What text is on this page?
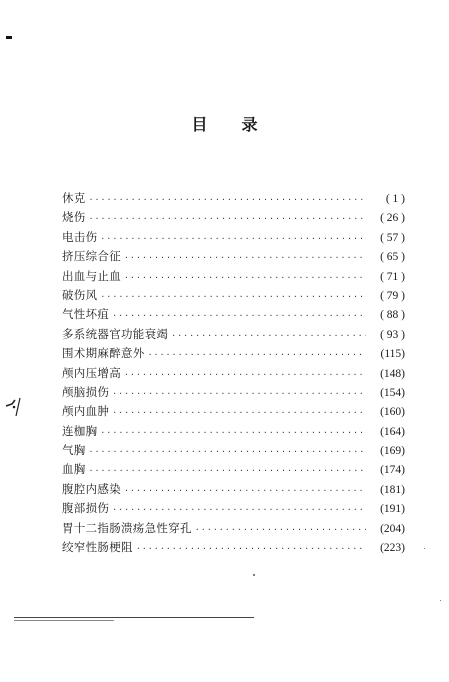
目 录
休克 ·····	( 1 )
烧伤 ·····	( 26 )
电击伤 ·····	( 57 )
挤压综合征 ·····	( 65 )
出血与止血 ·····	( 71 )
破伤风 ·····	( 79 )
气性坏疽 ·····	( 88 )
多系统器官功能衰竭 ·····	( 93 )
围术期麻醉意外 ·····	(115)
颅内压增高 ·····	(148)
颅脑损伤 ·····	(154)
颅内血肿 ·····	(160)
连枷胸 ·····	(164)
气胸 ·····	(169)
血胸 ·····	(174)
腹腔内感染 ·····	(181)
腹部损伤 ·····	(191)
胃十二指肠溃疡急性穿孔 ·····	(204)
绞窄性肠梗阻 ·····	(223)
